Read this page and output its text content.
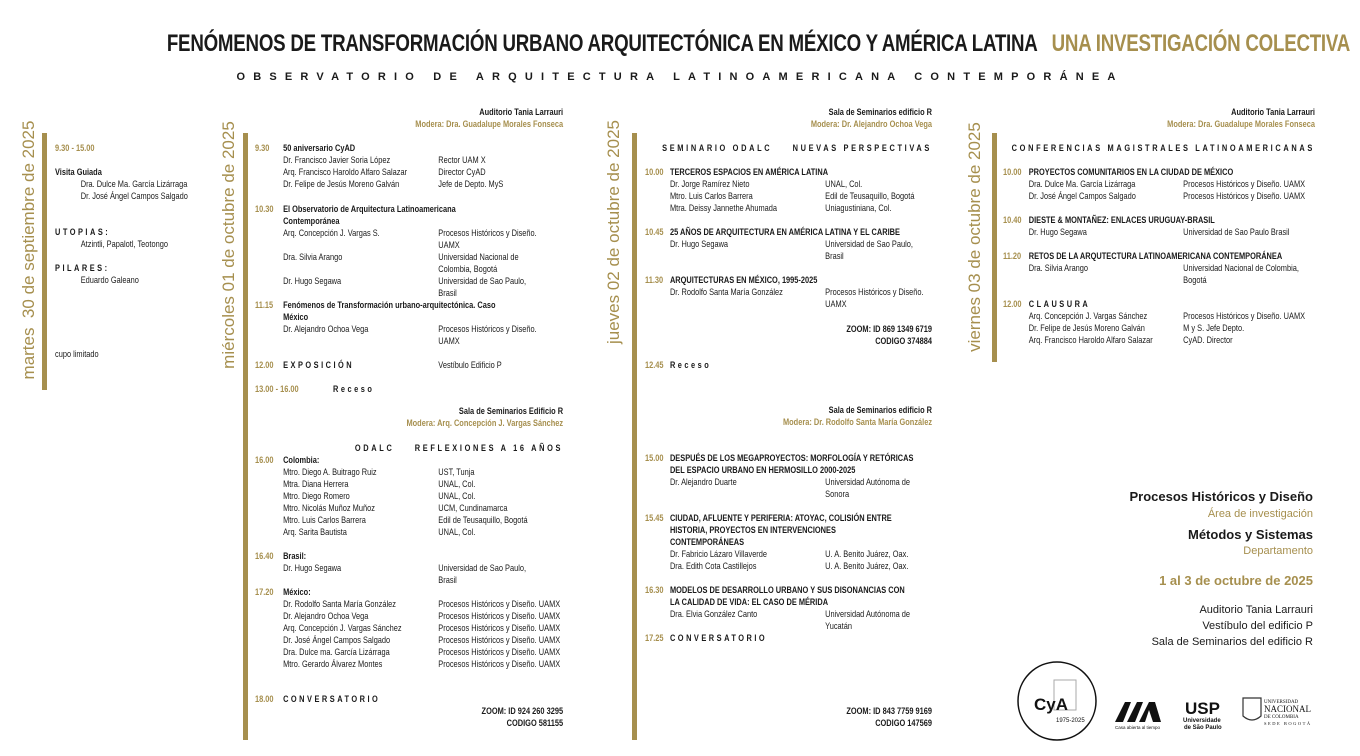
FENÓMENOS DE TRANSFORMACIÓN URBANO ARQUITECTÓNICA EN MÉXICO Y AMÉRICA LATINA UNA INVESTIGACIÓN COLECTIVA
OBSERVATORIO DE ARQUITECTURA LATINOAMERICANA CONTEMPORÁNEA
martes  30 de septiembre de 2025	miércoles 01 de octubre de 2025	jueves 02 de octubre de 2025	viernes 03 de octubre de 2025
9.30 - 15.00
Visita Guiada
Dra. Dulce Ma. García Lizárraga
Dr. José Ángel Campos Salgado
UTOPIAS:
Atzintli, Papalotl, Teotongo
PILARES:
Eduardo Galeano
cupo limitado
Auditorio Tania Larrauri
Modera: Dra. Guadalupe Morales Fonseca
9.30 50 aniversario CyAD
Dr. Francisco Javier Soria López	Rector UAM X
Arq. Francisco Haroldo Alfaro Salazar	Director CyAD
Dr. Felipe de Jesús Moreno Galván	Jefe de Depto. MyS
10.30 El Observatorio de Arquitectura Latinoamericana
Contemporánea
Arq. Concepción J. Vargas S.	Procesos Históricos y Diseño.
UAMX
Dra. Silvia Arango	Universidad Nacional de
Colombia, Bogotá
Dr. Hugo Segawa	Universidad de Sao Paulo,
Brasil
11.15 Fenómenos de Transformación urbano-arquitectónica. Caso
México
Dr. Alejandro Ochoa Vega	Procesos Históricos y Diseño.
UAMX
12.00 EXPOSICIÓN	Vestíbulo Edificio P
13.00 - 16.00	Receso
Sala de Seminarios Edificio R
Modera: Arq. Concepción J. Vargas Sánchez
ODALC REFLEXIONES A 16 AÑOS
16.00 Colombia:
Mtro. Diego A. Buitrago Ruiz	UST, Tunja
Mtra. Diana Herrera	UNAL, Col.
Mtro. Diego Romero	UNAL, Col.
Mtro. Nicolás Muñoz Muñoz	UCM, Cundinamarca
Mtro. Luis Carlos Barrera	Edil de Teusaquillo, Bogotá
Arq. Sarita Bautista	UNAL, Col.
16.40 Brasil:
Dr. Hugo Segawa	Universidad de Sao Paulo,
Brasil
17.20 México:
Dr. Rodolfo Santa María González	Procesos Históricos y Diseño. UAMX
Dr. Alejandro Ochoa Vega	Procesos Históricos y Diseño. UAMX
Arq. Concepción J. Vargas Sánchez	Procesos Históricos y Diseño. UAMX
Dr. José Ángel Campos Salgado	Procesos Históricos y Diseño. UAMX
Dra. Dulce ma. García Lizárraga	Procesos Históricos y Diseño. UAMX
Mtro. Gerardo Álvarez Montes	Procesos Históricos y Diseño. UAMX
18.00 CONVERSATORIO
ZOOM: ID 924 260 3295
CODIGO 581155
Sala de Seminarios edificio R
Modera: Dr. Alejandro Ochoa Vega
SEMINARIO ODALC NUEVAS PERSPECTIVAS
10.00 TERCEROS ESPACIOS EN AMÉRICA LATINA
Dr. Jorge Ramírez Nieto	UNAL, Col.
Mtro. Luis Carlos Barrera	Edil de Teusaquillo, Bogotá
Mtra. Deissy Jannethe Ahumada	Uniagustiniana, Col.
10.45 25 AÑOS DE ARQUITECTURA EN AMÉRICA LATINA Y EL CARIBE
Dr. Hugo Segawa	Universidad de Sao Paulo,
Brasil
11.30 ARQUITECTURAS EN MÉXICO, 1995-2025
Dr. Rodolfo Santa María González	Procesos Históricos y Diseño.
UAMX
ZOOM: ID 869 1349 6719
CODIGO 374884
12.45 Receso
Sala de Seminarios edificio R
Modera: Dr. Rodolfo Santa María González
15.00 DESPUÉS DE LOS MEGAPROYECTOS: MORFOLOGÍA Y RETÓRICAS
DEL ESPACIO URBANO EN HERMOSILLO 2000-2025
Dr. Alejandro Duarte	Universidad Autónoma de
Sonora
15.45 CIUDAD, AFLUENTE Y PERIFERIA: ATOYAC, COLISIÓN ENTRE
HISTORIA, PROYECTOS EN INTERVENCIONES
CONTEMPORÁNEAS
Dr. Fabricio Lázaro Villaverde	U. A. Benito Juárez, Oax.
Dra. Edith Cota Castillejos	U. A. Benito Juárez, Oax.
16.30 MODELOS DE DESARROLLO URBANO Y SUS DISONANCIAS CON
LA CALIDAD DE VIDA: EL CASO DE MÉRIDA
Dra. Elvia González Canto	Universidad Autónoma de
Yucatán
17.25 CONVERSATORIO
ZOOM: ID 843 7759 9169
CODIGO 147569
Auditorio Tania Larrauri
Modera: Dra. Guadalupe Morales Fonseca
CONFERENCIAS MAGISTRALES LATINOAMERICANAS
10.00 PROYECTOS COMUNITARIOS EN LA CIUDAD DE MÉXICO
Dra. Dulce Ma. García Lizárraga	Procesos Históricos y Diseño. UAMX
Dr. José Ángel Campos Salgado	Procesos Históricos y Diseño. UAMX
10.40 DIESTE & MONTAÑEZ: ENLACES URUGUAY-BRASIL
Dr. Hugo Segawa	Universidad de Sao Paulo Brasil
11.20 RETOS DE LA ARQUTECTURA LATINOAMERICANA CONTEMPORÁNEA
Dra. Silvia Arango	Universidad Nacional de Colombia,
Bogotá
12.00 CLAUSURA
Arq. Concepción J. Vargas Sánchez	Procesos Históricos y Diseño. UAMX
Dr. Felipe de Jesús Moreno Galván	M y S. Jefe Depto.
Arq. Francisco Haroldo Alfaro Salazar	CyAD. Director
Procesos Históricos y Diseño
Área de investigación
Métodos y Sistemas
Departamento
1 al 3 de octubre de 2025
Auditorio Tania Larrauri
Vestíbulo del edificio P
Sala de Seminarios del edificio R
CyA
1975-2025
Casa abierta al tiempo
USP
Universidade
de São Paulo
UNIVERSIDAD
NACIONAL
DE COLOMBIA
SEDE BOGOTÁ
